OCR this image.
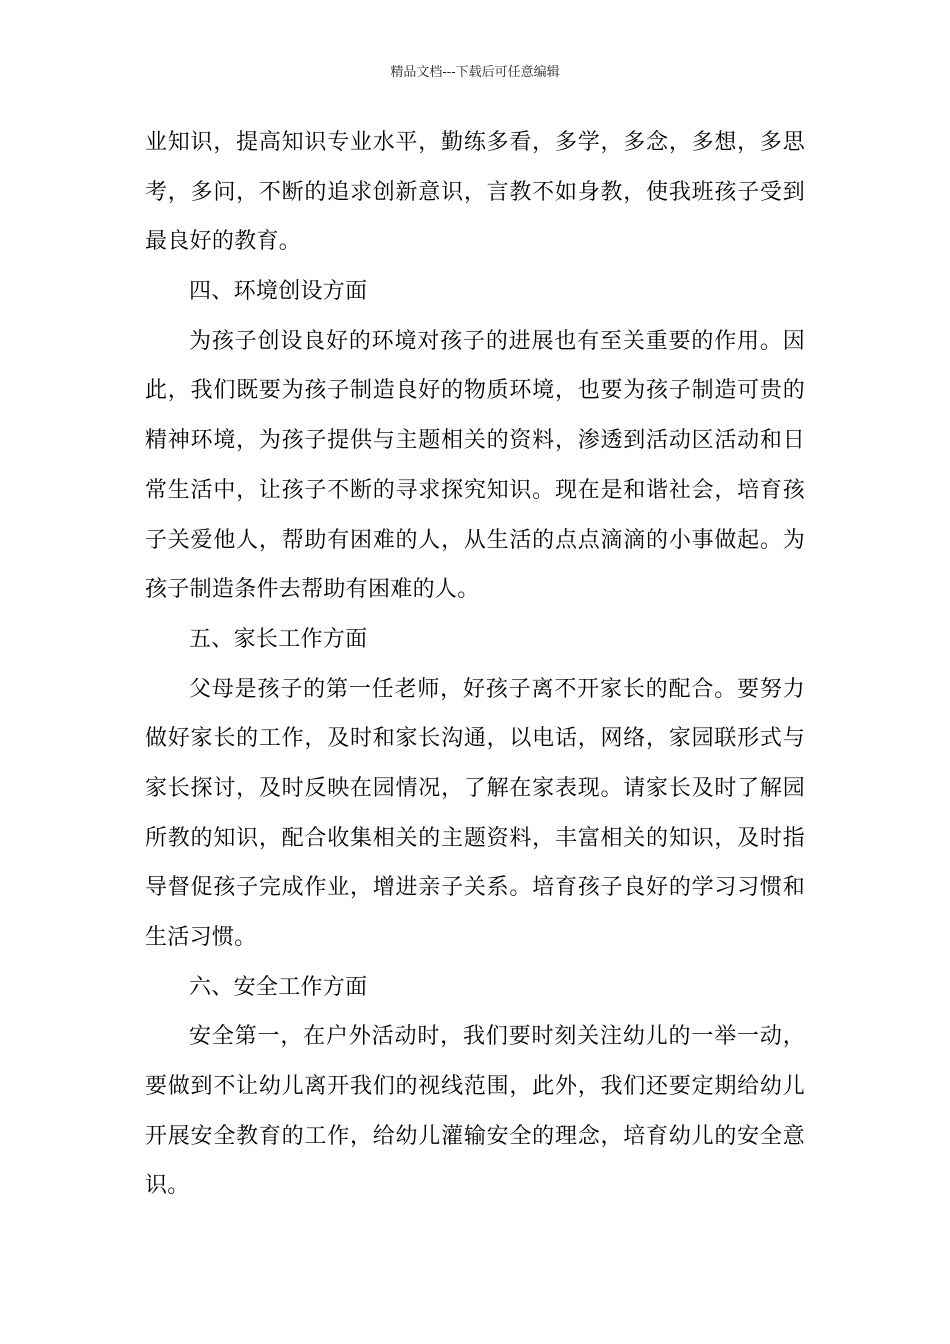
精品文档---下载后可任意编辑
业知识，提高知识专业水平，勤练多看，多学，多念，多想，多思
考，多问，不断的追求创新意识，言教不如身教，使我班孩子受到
最良好的教育。
四、环境创设方面
为孩子创设良好的环境对孩子的进展也有至关重要的作用。因
此，我们既要为孩子制造良好的物质环境，也要为孩子制造可贵的
精神环境，为孩子提供与主题相关的资料，渗透到活动区活动和日
常生活中，让孩子不断的寻求探究知识。现在是和谐社会，培育孩
子关爱他人，帮助有困难的人，从生活的点点滴滴的小事做起。为
孩子制造条件去帮助有困难的人。
五、家长工作方面
父母是孩子的第一任老师，好孩子离不开家长的配合。要努力
做好家长的工作，及时和家长沟通，以电话，网络，家园联形式与
家长探讨，及时反映在园情况，了解在家表现。请家长及时了解园
所教的知识，配合收集相关的主题资料，丰富相关的知识，及时指
导督促孩子完成作业，增进亲子关系。培育孩子良好的学习习惯和
生活习惯。
六、安全工作方面
安全第一，在户外活动时，我们要时刻关注幼儿的一举一动，
要做到不让幼儿离开我们的视线范围，此外，我们还要定期给幼儿
开展安全教育的工作，给幼儿灌输安全的理念，培育幼儿的安全意
识。
